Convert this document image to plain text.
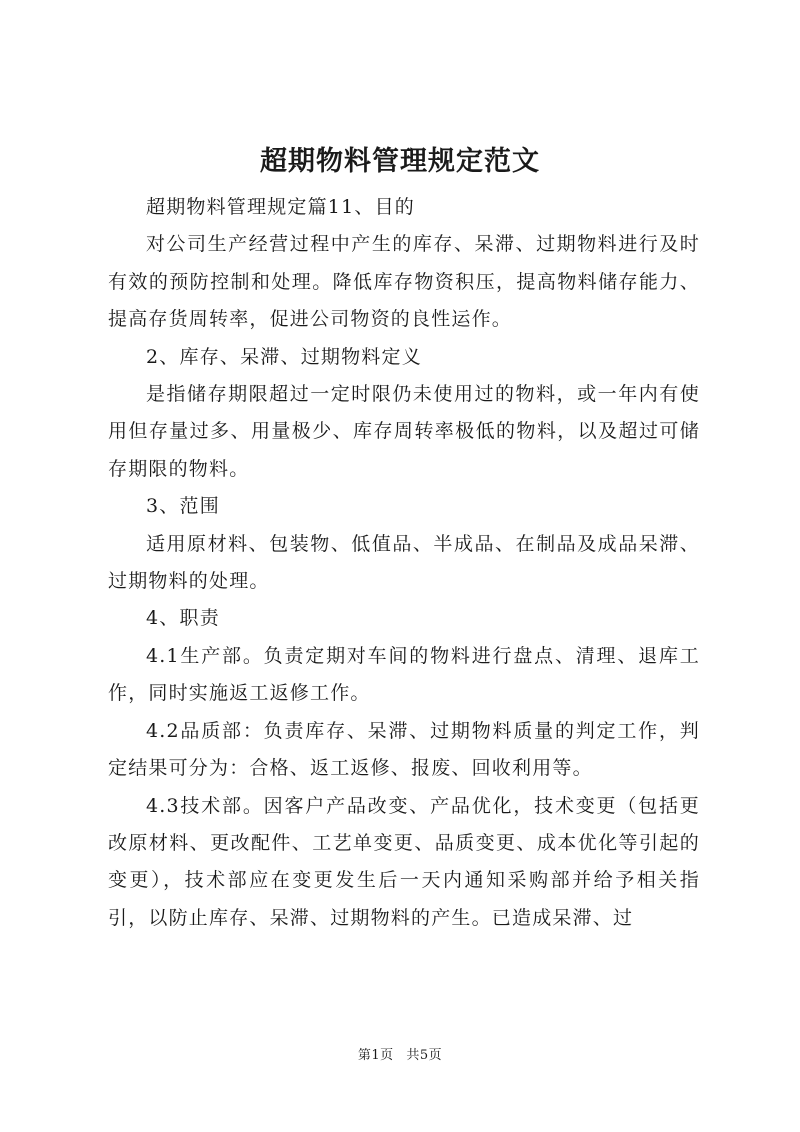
超期物料管理规定范文

超期物料管理规定篇11、目的

对公司生产经营过程中产生的库存、呆滞、过期物料进行及时有效的预防控制和处理。降低库存物资积压，提高物料储存能力、提高存货周转率，促进公司物资的良性运作。

2、库存、呆滞、过期物料定义

是指储存期限超过一定时限仍未使用过的物料，或一年内有使用但存量过多、用量极少、库存周转率极低的物料，以及超过可储存期限的物料。

3、范围

适用原材料、包装物、低值品、半成品、在制品及成品呆滞、过期物料的处理。

4、职责

4.1生产部。负责定期对车间的物料进行盘点、清理、退库工作，同时实施返工返修工作。

4.2品质部：负责库存、呆滞、过期物料质量的判定工作，判定结果可分为：合格、返工返修、报废、回收利用等。

4.3技术部。因客户产品改变、产品优化，技术变更（包括更改原材料、更改配件、工艺单变更、品质变更、成本优化等引起的变更），技术部应在变更发生后一天内通知采购部并给予相关指引，以防止库存、呆滞、过期物料的产生。已造成呆滞、过

第1页 共5页
